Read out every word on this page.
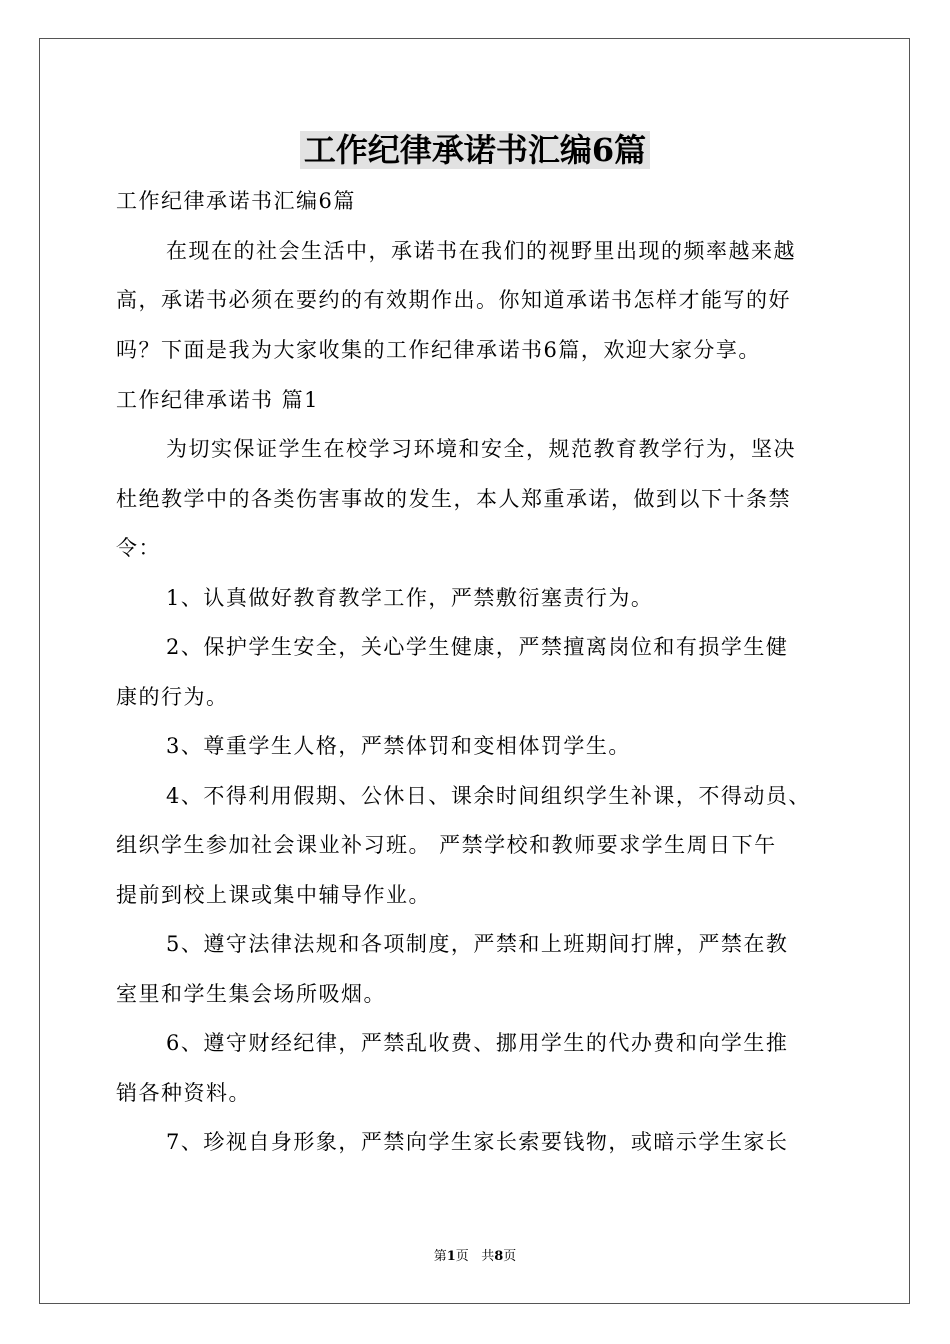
工作纪律承诺书汇编6篇

工作纪律承诺书汇编6篇

在现在的社会生活中，承诺书在我们的视野里出现的频率越来越

高，承诺书必须在要约的有效期作出。你知道承诺书怎样才能写的好

吗？下面是我为大家收集的工作纪律承诺书6篇，欢迎大家分享。

工作纪律承诺书 篇1

为切实保证学生在校学习环境和安全，规范教育教学行为，坚决

杜绝教学中的各类伤害事故的发生，本人郑重承诺，做到以下十条禁

令：

1、认真做好教育教学工作，严禁敷衍塞责行为。

2、保护学生安全，关心学生健康，严禁擅离岗位和有损学生健

康的行为。

3、尊重学生人格，严禁体罚和变相体罚学生。

4、不得利用假期、公休日、课余时间组织学生补课，不得动员、

组织学生参加社会课业补习班。 严禁学校和教师要求学生周日下午

提前到校上课或集中辅导作业。

5、遵守法律法规和各项制度，严禁和上班期间打牌，严禁在教

室里和学生集会场所吸烟。

6、遵守财经纪律，严禁乱收费、挪用学生的代办费和向学生推

销各种资料。

7、珍视自身形象，严禁向学生家长索要钱物，或暗示学生家长

第1页 共8页
